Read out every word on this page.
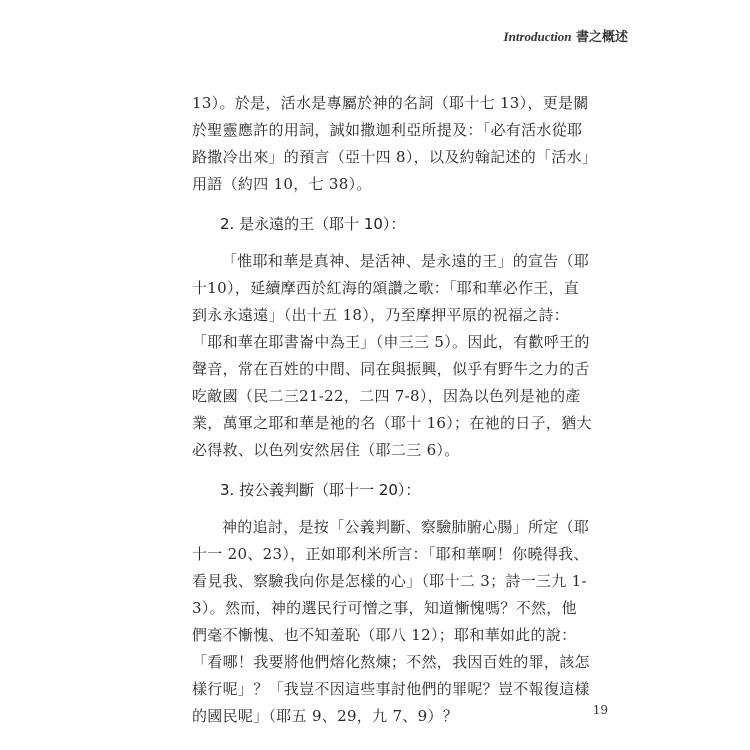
Introduction 書之概述

13）。於是，活水是專屬於神的名詞（耶十七 13），更是關於聖靈應許的用詞，誠如撒迦利亞所提及：「必有活水從耶路撒冷出來」的預言（亞十四 8），以及約翰記述的「活水」用語（約四 10，七 38）。

2. 是永遠的王（耶十 10）：

「惟耶和華是真神、是活神、是永遠的王」的宣告（耶十10），延續摩西於紅海的頌讚之歌：「耶和華必作王，直到永永遠遠」（出十五 18），乃至摩押平原的祝福之詩：「耶和華在耶書崙中為王」（申三三 5）。因此，有歡呼王的聲音，常在百姓的中間、同在與振興，似乎有野牛之力的舌吃敵國（民二三21-22，二四 7-8），因為以色列是祂的產業，萬軍之耶和華是祂的名（耶十 16）；在祂的日子，猶大必得救、以色列安然居住（耶二三 6）。

3. 按公義判斷（耶十一 20）：

神的追討，是按「公義判斷、察驗肺腑心腸」所定（耶十一 20、23），正如耶利米所言：「耶和華啊！你曉得我、看見我、察驗我向你是怎樣的心」（耶十二 3；詩一三九 1-3）。然而，神的選民行可憎之事，知道慚愧嗎？不然，他們毫不慚愧、也不知羞恥（耶八 12）；耶和華如此的說：「看哪！我要將他們熔化熬煉；不然，我因百姓的罪，該怎樣行呢」？「我豈不因這些事討他們的罪呢？豈不報復這樣的國民呢」（耶五 9、29，九 7、9）？	19
